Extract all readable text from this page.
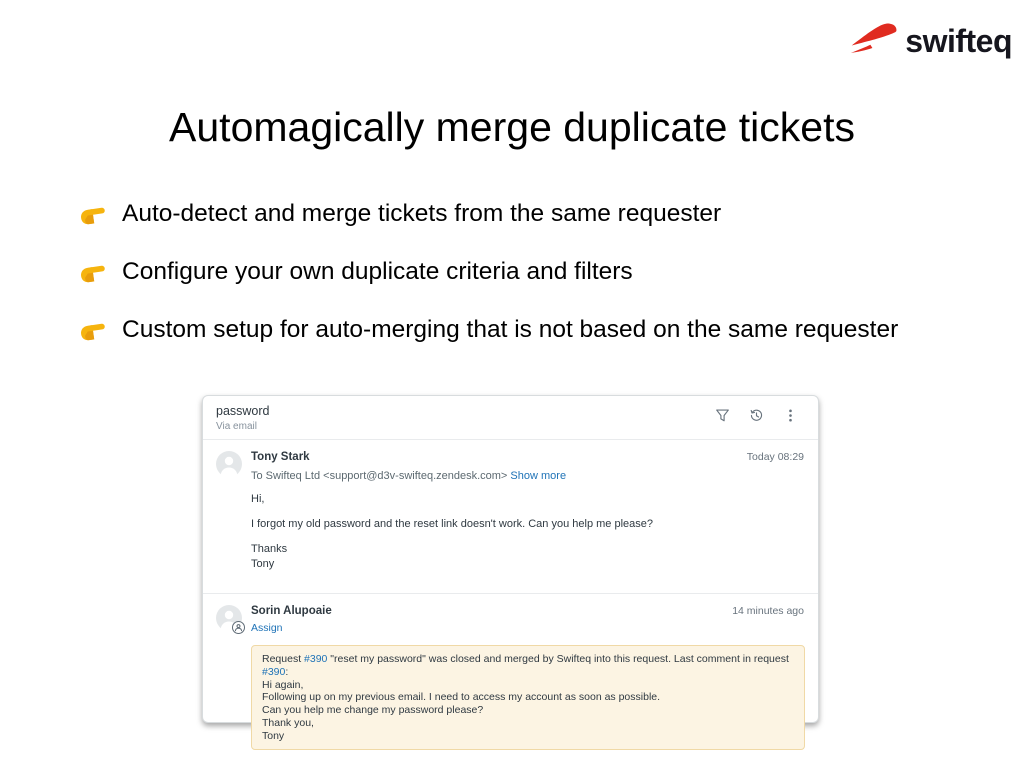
swifteq
Automagically merge duplicate tickets
Auto-detect and merge tickets from the same requester
Configure your own duplicate criteria and filters
Custom setup for auto-merging that is not based on the same requester
password
Via email
Tony Stark	Today 08:29
To Swifteq Ltd <support@d3v-swifteq.zendesk.com> Show more
Hi,
I forgot my old password and the reset link doesn't work. Can you help me please?
Thanks
Tony
Sorin Alupoaie	14 minutes ago
Assign
Request #390 "reset my password" was closed and merged by Swifteq into this request. Last comment in request #390:
Hi again,
Following up on my previous email. I need to access my account as soon as possible.
Can you help me change my password please?
Thank you,
Tony
